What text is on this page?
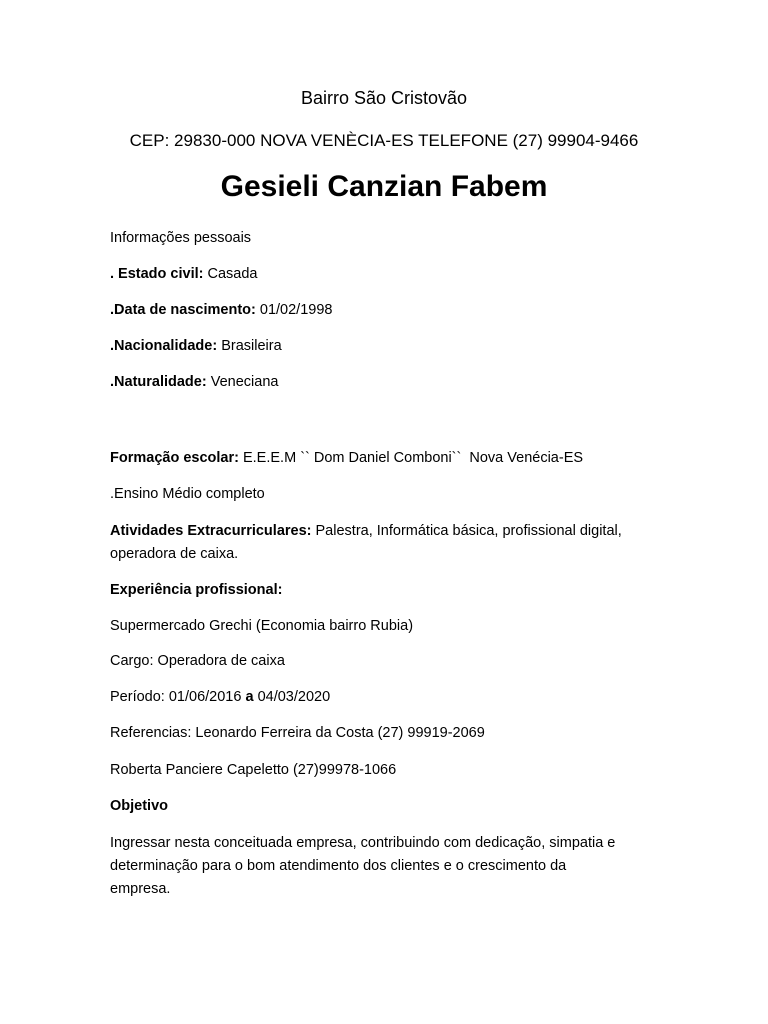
Bairro São Cristovão
CEP: 29830-000 NOVA VENÈCIA-ES TELEFONE (27) 99904-9466
Gesieli Canzian Fabem
Informações pessoais
. Estado civil: Casada
.Data de nascimento: 01/02/1998
.Nacionalidade: Brasileira
.Naturalidade: Veneciana
Formação escolar: E.E.E.M `` Dom Daniel Comboni``  Nova Venécia-ES
.Ensino Médio completo
Atividades Extracurriculares: Palestra, Informática básica, profissional digital, operadora de caixa.
Experiência profissional:
Supermercado Grechi (Economia bairro Rubia)
Cargo: Operadora de caixa
Período: 01/06/2016 a 04/03/2020
Referencias: Leonardo Ferreira da Costa (27) 99919-2069
Roberta Panciere Capeletto (27)99978-1066
Objetivo
Ingressar nesta conceituada empresa, contribuindo com dedicação, simpatia e determinação para o bom atendimento dos clientes e o crescimento da empresa.
